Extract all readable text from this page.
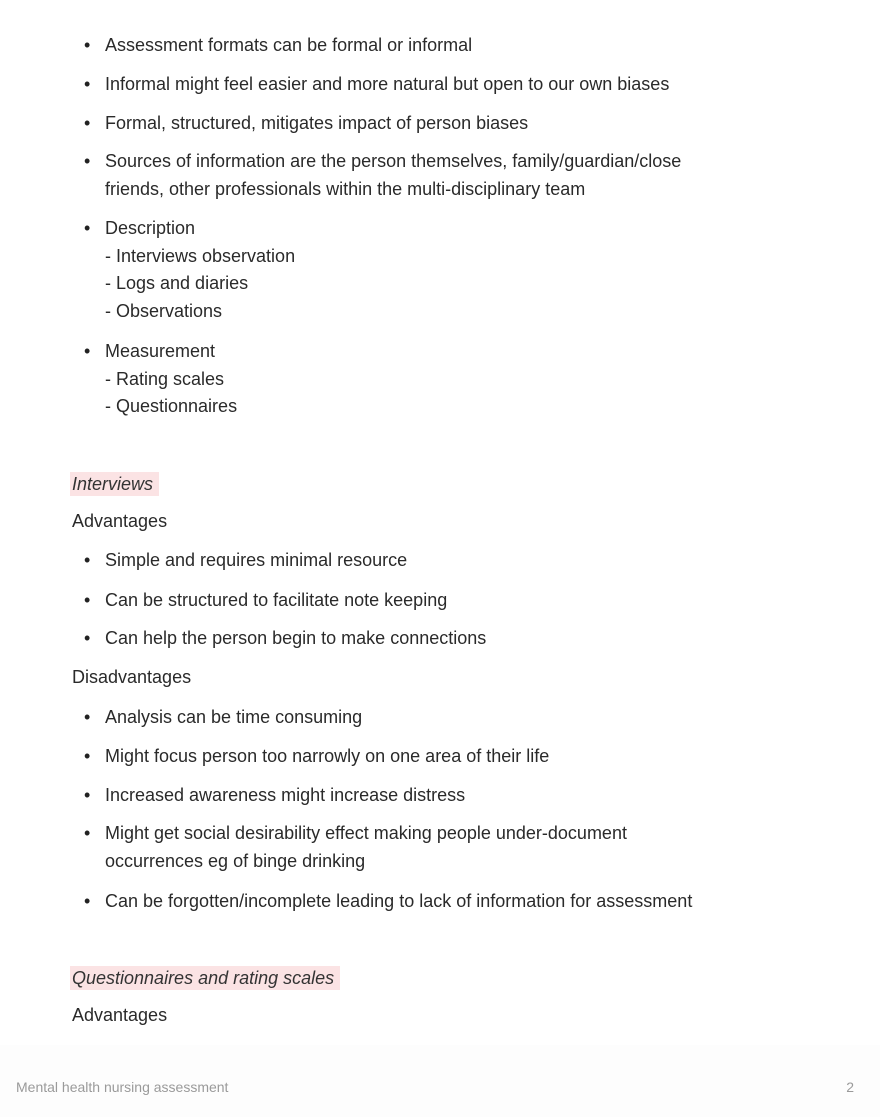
• Assessment formats can be formal or informal
• Informal might feel easier and more natural but open to our own biases
• Formal, structured, mitigates impact of person biases
• Sources of information are the person themselves, family/guardian/close
friends, other professionals within the multi-disciplinary team
• Description
- Interviews observation
- Logs and diaries
- Observations
• Measurement
- Rating scales
- Questionnaires
Interviews
Advantages
• Simple and requires minimal resource
• Can be structured to facilitate note keeping
• Can help the person begin to make connections
Disadvantages
• Analysis can be time consuming
• Might focus person too narrowly on one area of their life
• Increased awareness might increase distress
• Might get social desirability effect making people under-document
occurrences eg of binge drinking
• Can be forgotten/incomplete leading to lack of information for assessment
Questionnaires and rating scales
Advantages
Mental health nursing assessment	2
